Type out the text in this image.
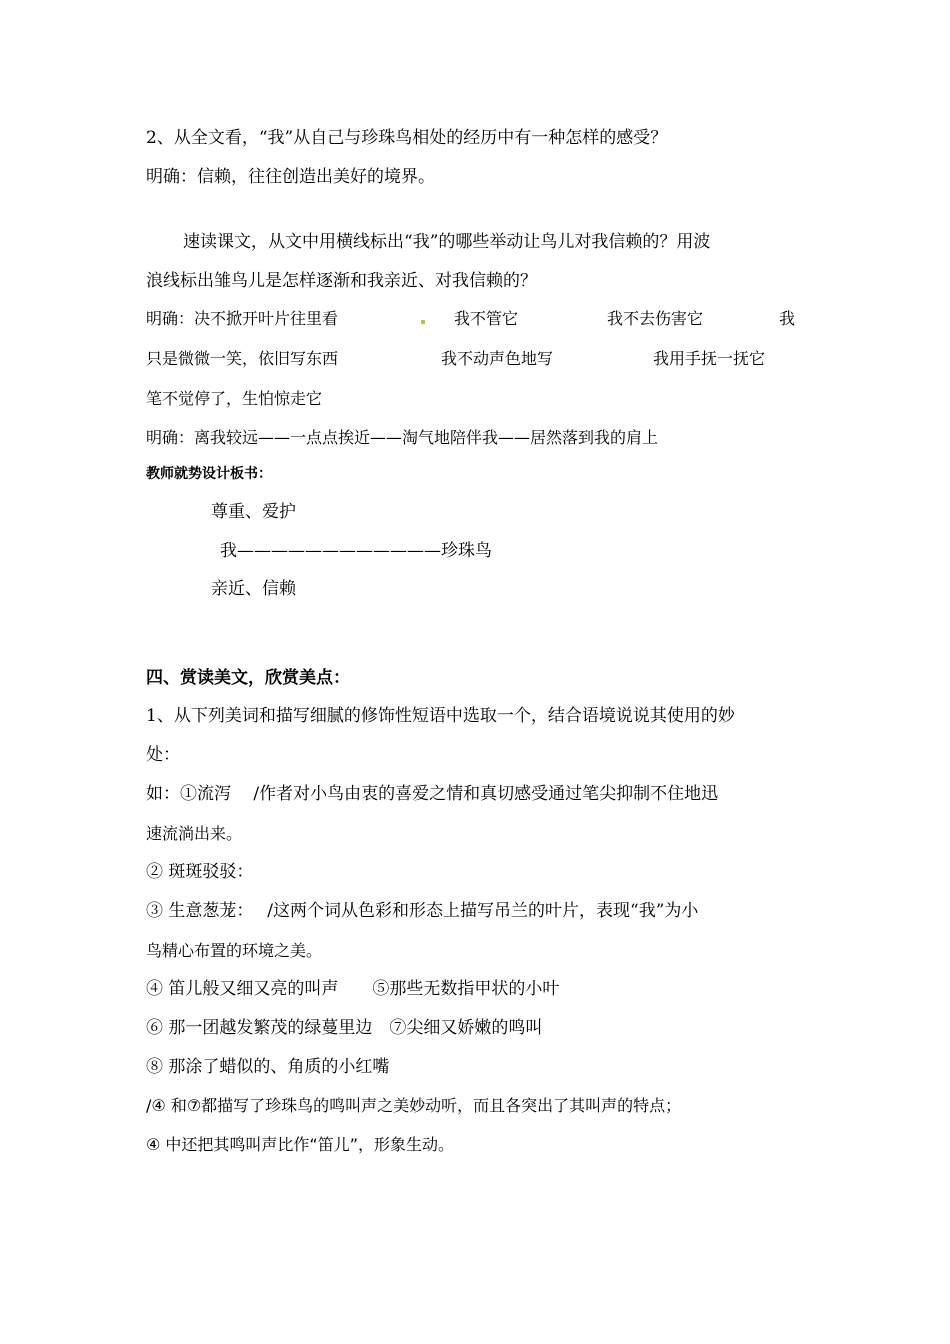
2、从全文看，“我”从自己与珍珠鸟相处的经历中有一种怎样的感受？

明确：信赖，往往创造出美好的境界。

速读课文，从文中用横线标出“我”的哪些举动让鸟儿对我信赖的？用波

浪线标出雏鸟儿是怎样逐渐和我亲近、对我信赖的？

明确：决不掀开叶片往里看	我不管它	我不去伤害它	我

只是微微一笑，依旧写东西	我不动声色地写	我用手抚一抚它

笔不觉停了，生怕惊走它

明确：离我较远——一点点挨近——淘气地陪伴我——居然落到我的肩上

教师就势设计板书：

尊重、爱护

我————————————珍珠鸟

亲近、信赖

四、赏读美文，欣赏美点：

1、从下列美词和描写细腻的修饰性短语中选取一个，结合语境说说其使用的妙

处：

如：①流泻　 /作者对小鸟由衷的喜爱之情和真切感受通过笔尖抑制不住地迅

速流淌出来。

② 斑斑驳驳：

③ 生意葱茏：　 /这两个词从色彩和形态上描写吊兰的叶片，表现“我”为小

鸟精心布置的环境之美。

④ 笛儿般又细又亮的叫声　　⑤那些无数指甲状的小叶

⑥ 那一团越发繁茂的绿蔓里边　⑦尖细又娇嫩的鸣叫

⑧ 那涂了蜡似的、角质的小红嘴

/④ 和⑦都描写了珍珠鸟的鸣叫声之美妙动听，而且各突出了其叫声的特点；

④ 中还把其鸣叫声比作“笛儿”，形象生动。
